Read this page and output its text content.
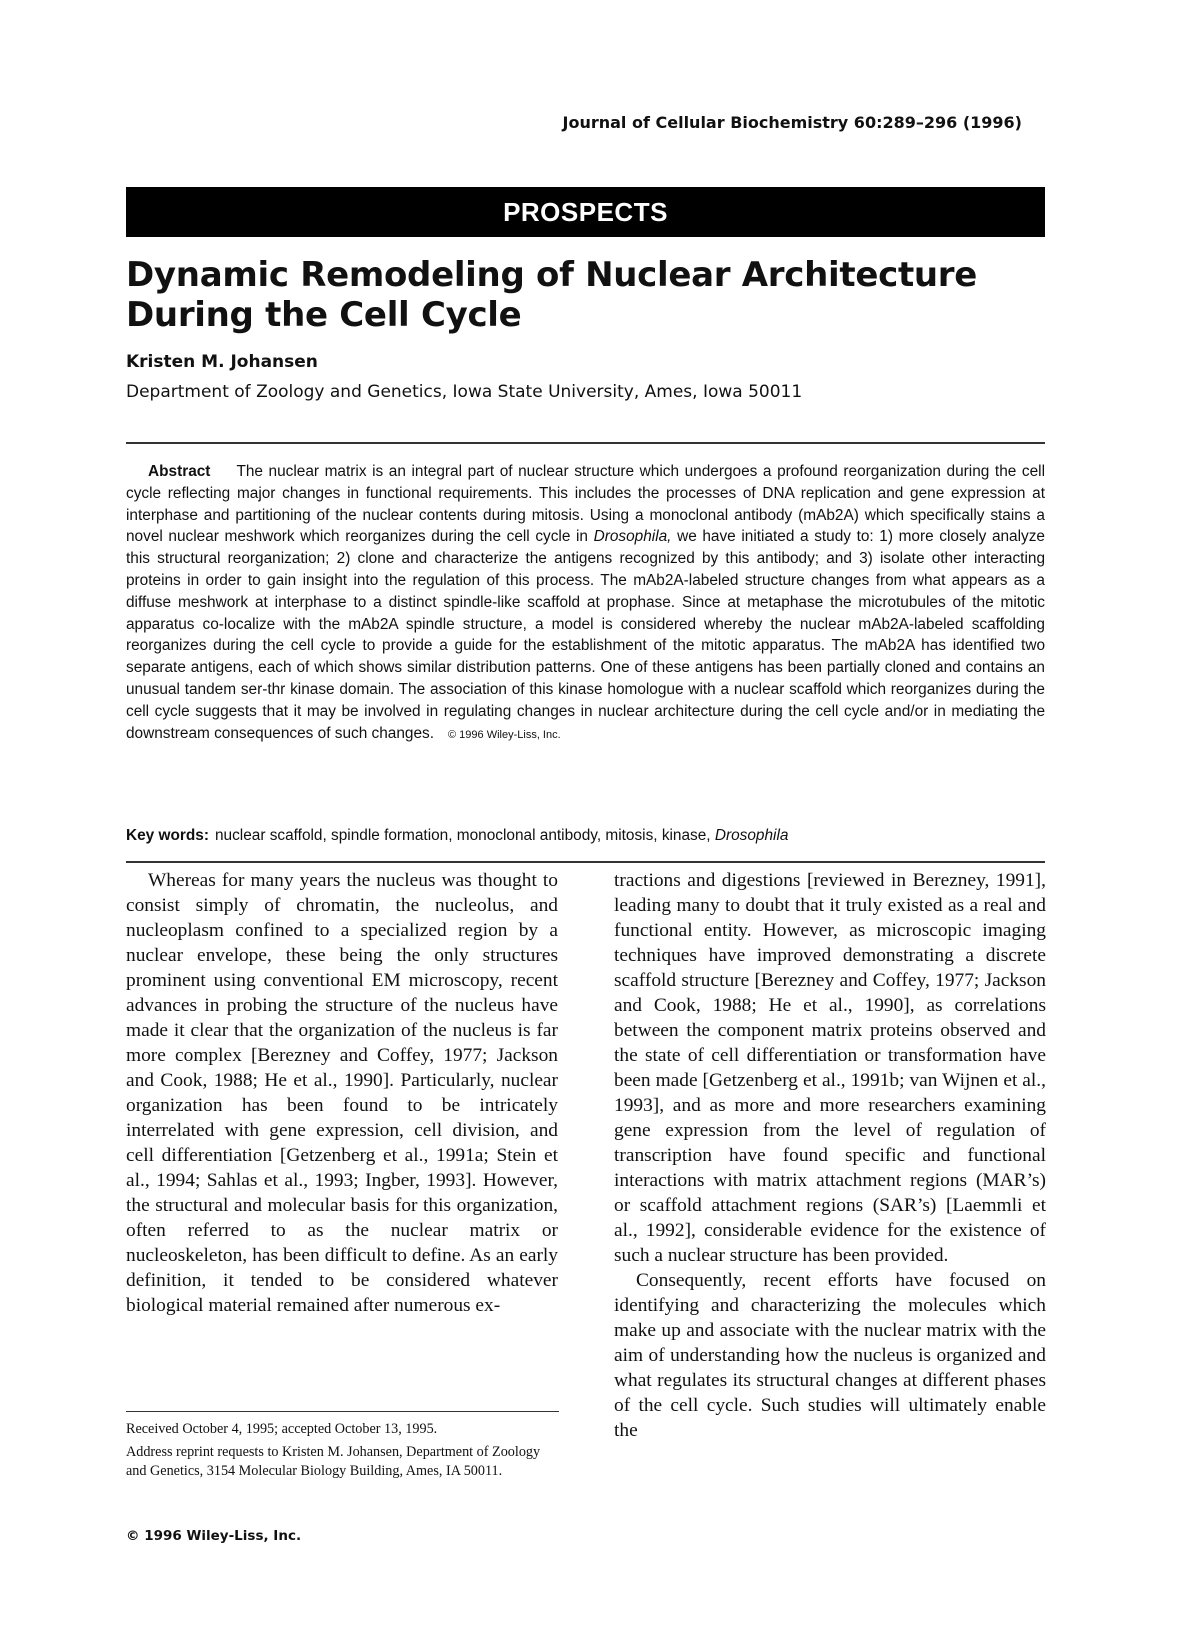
Journal of Cellular Biochemistry 60:289–296 (1996)
PROSPECTS
Dynamic Remodeling of Nuclear Architecture
During the Cell Cycle
Kristen M. Johansen
Department of Zoology and Genetics, Iowa State University, Ames, Iowa 50011
Abstract The nuclear matrix is an integral part of nuclear structure which undergoes a profound reorganization during the cell cycle reflecting major changes in functional requirements. This includes the processes of DNA replication and gene expression at interphase and partitioning of the nuclear contents during mitosis. Using a monoclonal antibody (mAb2A) which specifically stains a novel nuclear meshwork which reorganizes during the cell cycle in Drosophila, we have initiated a study to: 1) more closely analyze this structural reorganization; 2) clone and characterize the antigens recognized by this antibody; and 3) isolate other interacting proteins in order to gain insight into the regulation of this process. The mAb2A-labeled structure changes from what appears as a diffuse meshwork at interphase to a distinct spindle-like scaffold at prophase. Since at metaphase the microtubules of the mitotic apparatus co-localize with the mAb2A spindle structure, a model is considered whereby the nuclear mAb2A-labeled scaffolding reorganizes during the cell cycle to provide a guide for the establishment of the mitotic apparatus. The mAb2A has identified two separate antigens, each of which shows similar distribution patterns. One of these antigens has been partially cloned and contains an unusual tandem ser-thr kinase domain. The association of this kinase homologue with a nuclear scaffold which reorganizes during the cell cycle suggests that it may be involved in regulating changes in nuclear architecture during the cell cycle and/or in mediating the downstream consequences of such changes. © 1996 Wiley-Liss, Inc.
Key words: nuclear scaffold, spindle formation, monoclonal antibody, mitosis, kinase, Drosophila

Whereas for many years the nucleus was thought to consist simply of chromatin, the nucleolus, and nucleoplasm confined to a specialized region by a nuclear envelope, these being the only structures prominent using conventional EM microscopy, recent advances in probing the structure of the nucleus have made it clear that the organization of the nucleus is far more complex [Berezney and Coffey, 1977; Jackson and Cook, 1988; He et al., 1990]. Particularly, nuclear organization has been found to be intricately interrelated with gene expression, cell division, and cell differentiation [Getzenberg et al., 1991a; Stein et al., 1994; Sahlas et al., 1993; Ingber, 1993]. However, the structural and molecular basis for this organization, often referred to as the nuclear matrix or nucleoskeleton, has been difficult to define. As an early definition, it tended to be considered whatever biological material remained after numerous ex-

tractions and digestions [reviewed in Berezney, 1991], leading many to doubt that it truly existed as a real and functional entity. However, as microscopic imaging techniques have improved demonstrating a discrete scaffold structure [Berezney and Coffey, 1977; Jackson and Cook, 1988; He et al., 1990], as correlations between the component matrix proteins observed and the state of cell differentiation or transformation have been made [Getzenberg et al., 1991b; van Wijnen et al., 1993], and as more and more researchers examining gene expression from the level of regulation of transcription have found specific and functional interactions with matrix attachment regions (MAR’s) or scaffold attachment regions (SAR’s) [Laemmli et al., 1992], considerable evidence for the existence of such a nuclear structure has been provided.

Consequently, recent efforts have focused on identifying and characterizing the molecules which make up and associate with the nuclear matrix with the aim of understanding how the nucleus is organized and what regulates its structural changes at different phases of the cell cycle. Such studies will ultimately enable the

Received October 4, 1995; accepted October 13, 1995.

Address reprint requests to Kristen M. Johansen, Department of Zoology and Genetics, 3154 Molecular Biology Building, Ames, IA 50011.

© 1996 Wiley-Liss, Inc.
